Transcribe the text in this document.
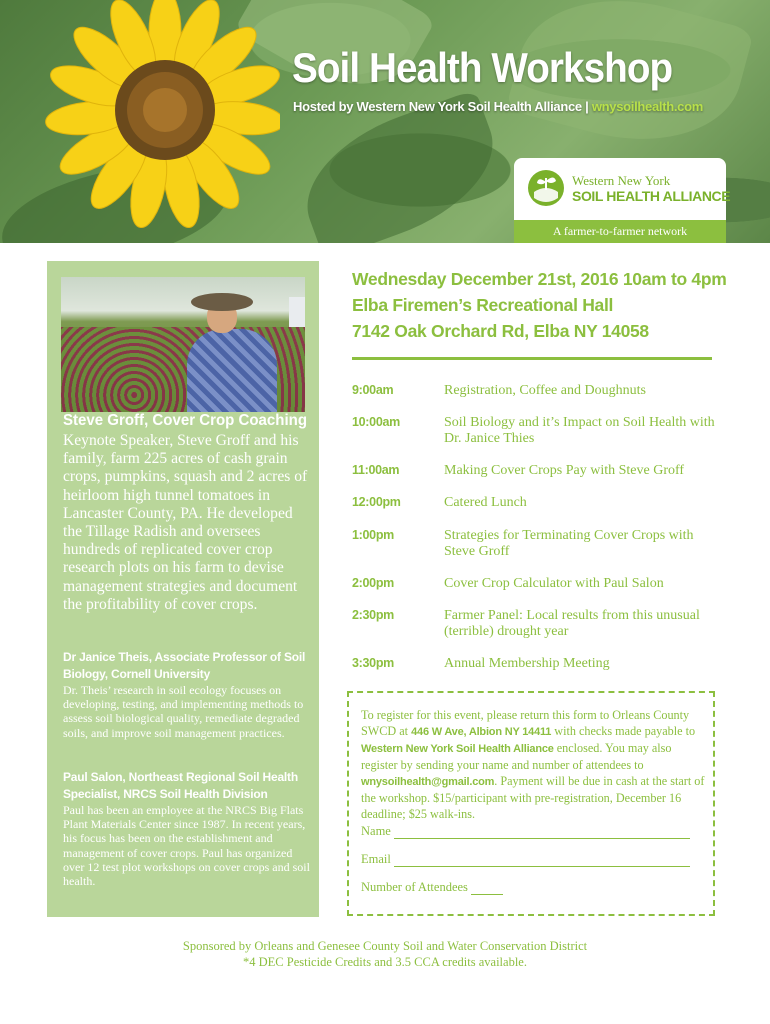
Soil Health Workshop
Hosted by Western New York Soil Health Alliance | wnysoilhealth.com
Western New York
SOIL HEALTH ALLIANCE
A farmer-to-farmer network
Steve Groff, Cover Crop Coaching
Keynote Speaker, Steve Groff and his family, farm 225 acres of cash grain crops, pumpkins, squash and 2 acres of heirloom high tunnel tomatoes in Lancaster County, PA. He developed the Tillage Radish and oversees hundreds of replicated cover crop research plots on his farm to devise management strategies and document the profitability of cover crops.
Dr Janice Theis, Associate Professor of Soil Biology, Cornell University
Dr. Theis’ research in soil ecology focuses on developing, testing, and implementing methods to assess soil biological quality, remediate degraded soils, and improve soil management practices.
Paul Salon, Northeast Regional Soil Health Specialist, NRCS Soil Health Division
Paul has been an employee at the NRCS Big Flats Plant Materials Center since 1987. In recent years, his focus has been on the establishment and management of cover crops. Paul has organized over 12 test plot workshops on cover crops and soil health.
Wednesday December 21st, 2016 10am to 4pm
Elba Firemen’s Recreational Hall
7142 Oak Orchard Rd, Elba NY 14058
9:00am	Registration, Coffee and Doughnuts
10:00am	Soil Biology and it’s Impact on Soil Health with Dr. Janice Thies
11:00am	Making Cover Crops Pay with Steve Groff
12:00pm	Catered Lunch
1:00pm	Strategies for Terminating Cover Crops with Steve Groff
2:00pm	Cover Crop Calculator with Paul Salon
2:30pm	Farmer Panel: Local results from this unusual (terrible) drought year
3:30pm	Annual Membership Meeting
To register for this event, please return this form to Orleans County SWCD at 446 W Ave, Albion NY 14411 with checks made payable to Western New York Soil Health Alliance enclosed. You may also register by sending your name and number of attendees to wnysoilhealth@gmail.com. Payment will be due in cash at the start of the workshop. $15/participant with pre-registration, December 16 deadline; $25 walk-ins.
Name
Email
Number of Attendees
Sponsored by Orleans and Genesee County Soil and Water Conservation District
*4 DEC Pesticide Credits and 3.5 CCA credits available.
